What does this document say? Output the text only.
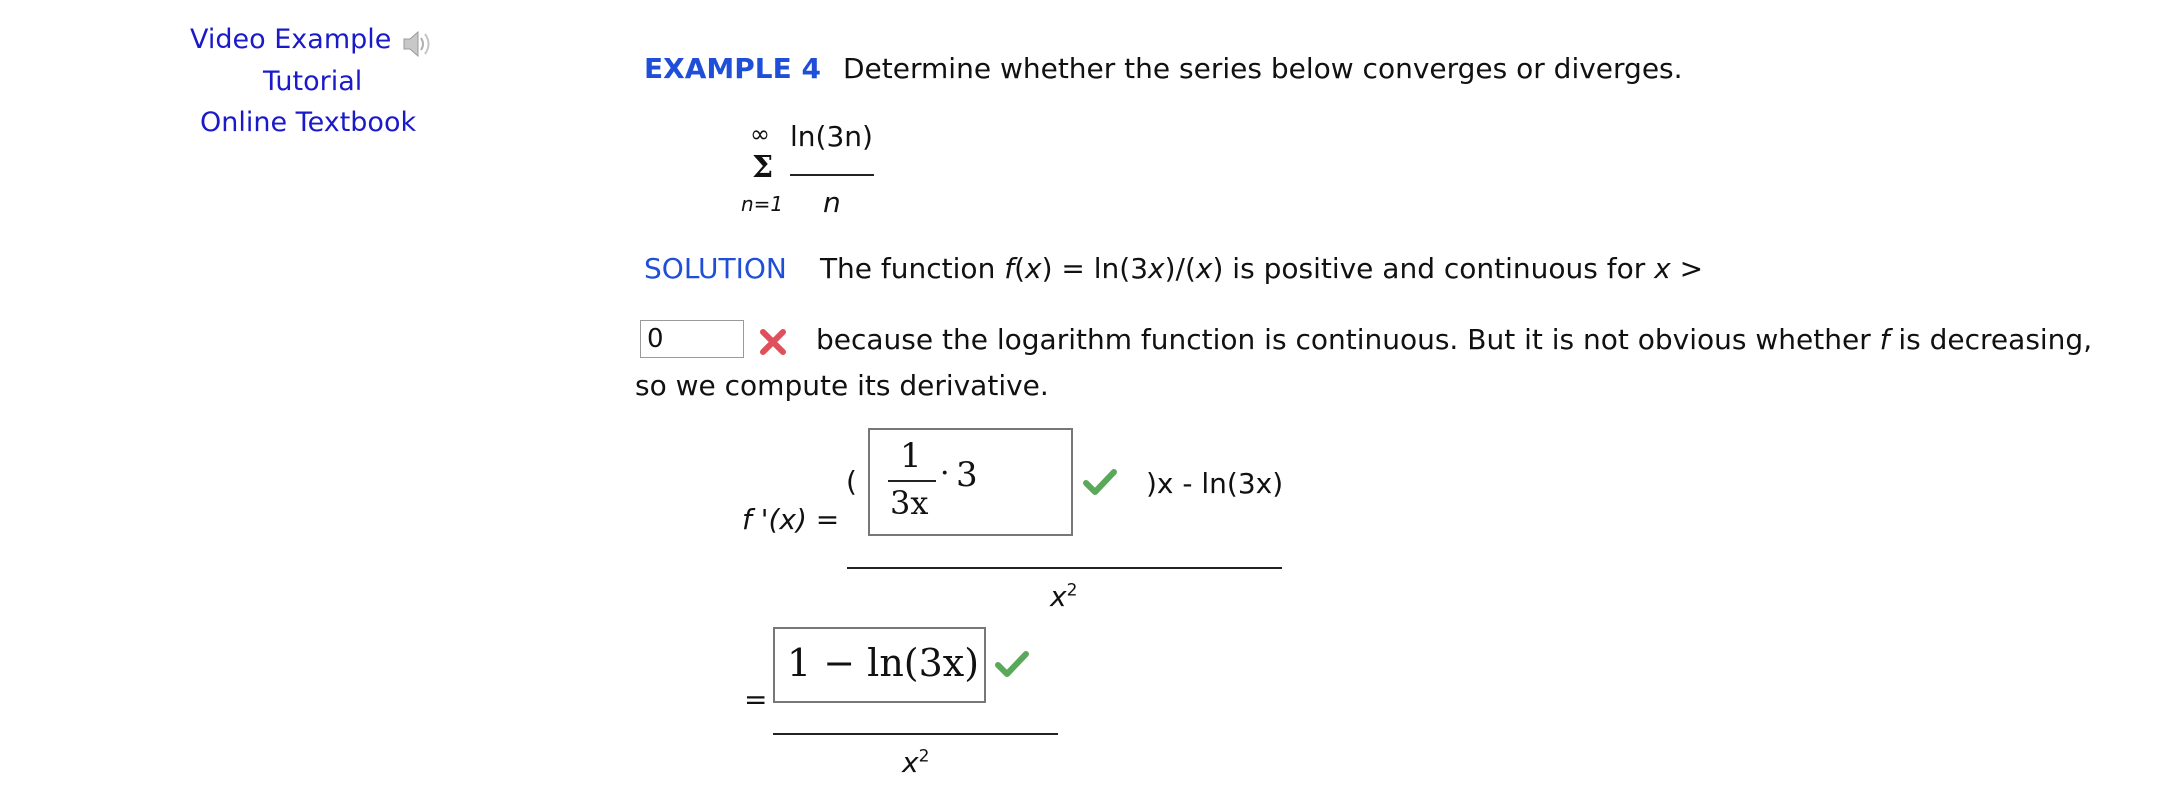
Video Example
Tutorial
Online Textbook
EXAMPLE 4 Determine whether the series below converges or diverges.
∞
Σ
n=1
ln(3n)
n
SOLUTION The function f(x) = ln(3x)/(x) is positive and continuous for x >
0
because the logarithm function is continuous. But it is not obvious whether f is decreasing,
so we compute its derivative.
f '(x) =
(
1
3x
· 3	)x - ln(3x)
$x^2$
=
1 − ln(3x)
$x^2$
